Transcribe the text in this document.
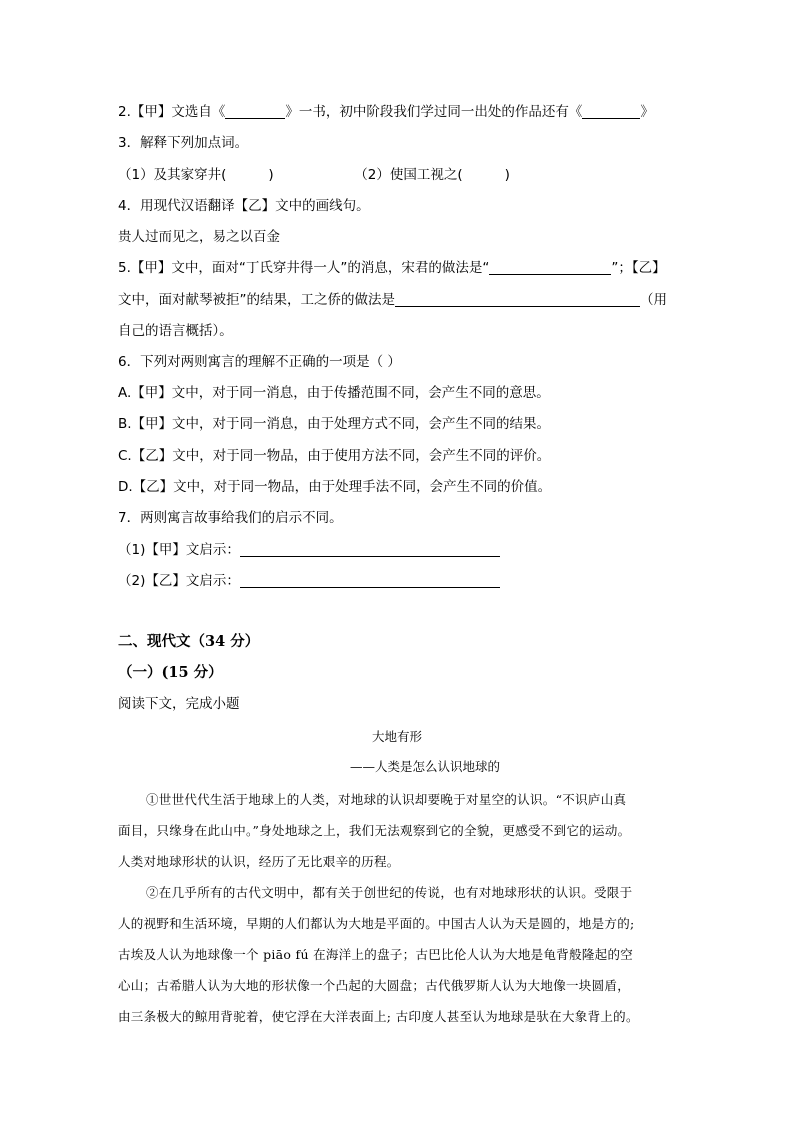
2.【甲】文选自《	》一书，初中阶段我们学过同一出处的作品还有《	》
3．解释下列加点词。
（1）及其家穿井(	)	（2）使国工视之(	)
4．用现代汉语翻译【乙】文中的画线句。
贵人过而见之，易之以百金
5.【甲】文中，面对“丁氏穿井得一人”的消息，宋君的做法是“	”；【乙】
文中，面对献琴被拒”的结果，工之侨的做法是	（用
自己的语言概括）。
6．下列对两则寓言的理解不正确的一项是（ ）
A.【甲】文中，对于同一消息，由于传播范围不同，会产生不同的意思。
B.【甲】文中，对于同一消息，由于处理方式不同，会产生不同的结果。
C.【乙】文中，对于同一物品，由于使用方法不同，会产生不同的评价。
D.【乙】文中，对于同一物品，由于处理手法不同，会产生不同的价值。
7．两则寓言故事给我们的启示不同。
（1)【甲】文启示：
（2)【乙】文启示：
二、现代文（34 分）
（一）(15 分）
阅读下文，完成小题
大地有形
——人类是怎么认识地球的
①世世代代生活于地球上的人类，对地球的认识却要晚于对星空的认识。“不识庐山真
面目，只缘身在此山中。”身处地球之上，我们无法观察到它的全貌，更感受不到它的运动。
人类对地球形状的认识，经历了无比艰辛的历程。
②在几乎所有的古代文明中，都有关于创世纪的传说，也有对地球形状的认识。受限于
人的视野和生活环境，早期的人们都认为大地是平面的。中国古人认为天是圆的，地是方的;
古埃及人认为地球像一个 piāo fú 在海洋上的盘子；古巴比伦人认为大地是龟背般隆起的空
心山；古希腊人认为大地的形状像一个凸起的大圆盘；古代俄罗斯人认为大地像一块圆盾，
由三条极大的鲸用背驼着，使它浮在大洋表面上; 古印度人甚至认为地球是驮在大象背上的。
